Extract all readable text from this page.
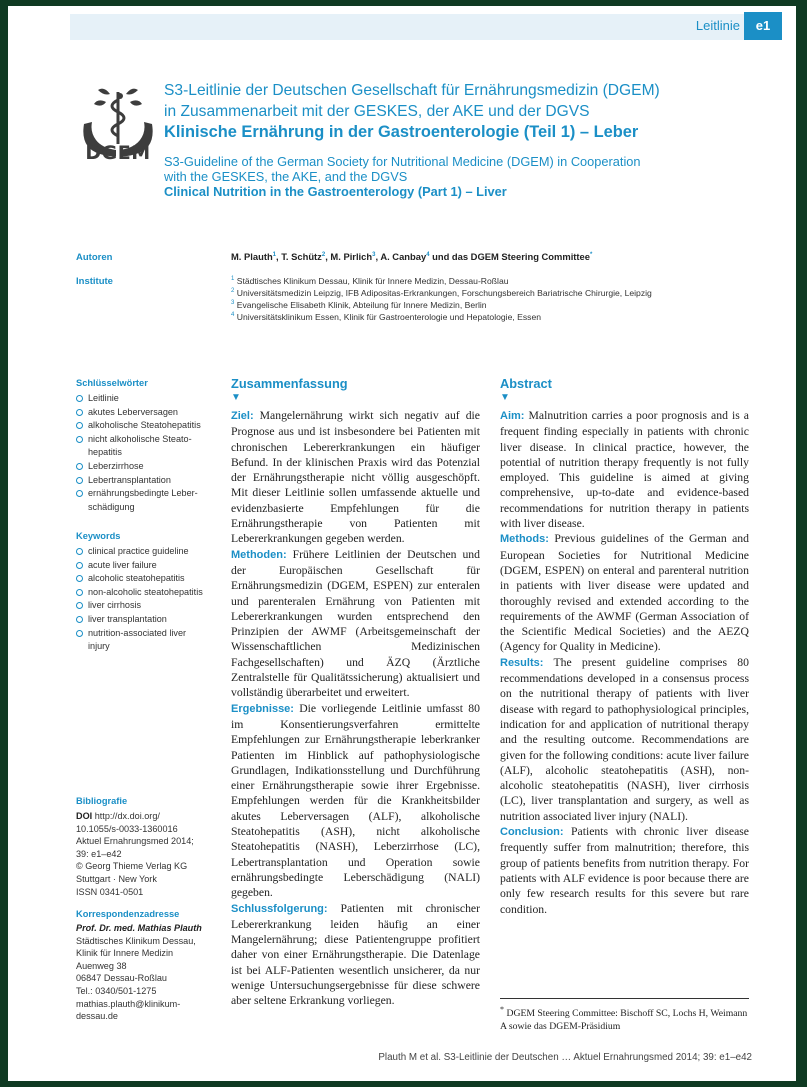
Leitlinie	e1
DGEM
S3-Leitlinie der Deutschen Gesellschaft für Ernährungsmedizin (DGEM)
in Zusammenarbeit mit der GESKES, der AKE und der DGVS
Klinische Ernährung in der Gastroenterologie (Teil 1) – Leber
S3-Guideline of the German Society for Nutritional Medicine (DGEM) in Cooperation
with the GESKES, the AKE, and the DGVS
Clinical Nutrition in the Gastroenterology (Part 1) – Liver
Autoren
Institute
M. Plauth$^1$, T. Schütz$^2$, M. Pirlich$^3$, A. Canbay$^4$ und das DGEM Steering Committee*
$^1$ Städtisches Klinikum Dessau, Klinik für Innere Medizin, Dessau-Roßlau
$^2$ Universitätsmedizin Leipzig, IFB Adipositas-Erkrankungen, Forschungsbereich Bariatrische Chirurgie, Leipzig
$^3$ Evangelische Elisabeth Klinik, Abteilung für Innere Medizin, Berlin
$^4$ Universitätsklinikum Essen, Klinik für Gastroenterologie und Hepatologie, Essen
Schlüsselwörter
Leitlinie
akutes Leberversagen
alkoholische Steatohepatitis
nicht alkoholische Steato-
hepatitis
Leberzirrhose
Lebertransplantation
ernährungsbedingte Leber-
schädigung
Keywords
clinical practice guideline
acute liver failure
alcoholic steatohepatitis
non-alcoholic steatohepatitis
liver cirrhosis
liver transplantation
nutrition-associated liver
injury
Bibliografie
DOI http://dx.doi.org/
10.1055/s-0033-1360016
Aktuel Ernahrungsmed 2014;
39: e1–e42
© Georg Thieme Verlag KG
Stuttgart · New York
ISSN 0341-0501
Korrespondenzadresse
Prof. Dr. med. Mathias Plauth
Städtisches Klinikum Dessau,
Klinik für Innere Medizin
Auenweg 38
06847 Dessau-Roßlau
Tel.: 0340/501-1275
mathias.plauth@klinikum-
dessau.de
Zusammenfassung
▼

Ziel: Mangelernährung wirkt sich negativ auf die Prognose aus und ist insbesondere bei Patienten mit chronischen Lebererkrankungen ein häufiger Befund. In der klinischen Praxis wird das Potenzial der Ernährungstherapie nicht völlig ausgeschöpft. Mit dieser Leitlinie sollen umfassende aktuelle und evidenzbasierte Empfehlungen für die Ernährungstherapie von Patienten mit Lebererkrankungen gegeben werden.

Methoden: Frühere Leitlinien der Deutschen und der Europäischen Gesellschaft für Ernährungsmedizin (DGEM, ESPEN) zur enteralen und parenteralen Ernährung von Patienten mit Lebererkrankungen wurden entsprechend den Prinzipien der AWMF (Arbeitsgemeinschaft der Wissenschaftlichen Medizinischen Fachgesellschaften) und ÄZQ (Ärztliche Zentralstelle für Qualitätssicherung) aktualisiert und vollständig überarbeitet und erweitert.

Ergebnisse: Die vorliegende Leitlinie umfasst 80 im Konsentierungsverfahren ermittelte Empfehlungen zur Ernährungstherapie leberkranker Patienten im Hinblick auf pathophysiologische Grundlagen, Indikationsstellung und Durchführung einer Ernährungstherapie sowie ihrer Ergebnisse. Empfehlungen werden für die Krankheitsbilder akutes Leberversagen (ALF), alkoholische Steatohepatitis (ASH), nicht alkoholische Steatohepatitis (NASH), Leberzirrhose (LC), Lebertransplantation und Operation sowie ernährungsbedingte Leberschädigung (NALI) gegeben.

Schlussfolgerung: Patienten mit chronischer Lebererkrankung leiden häufig an einer Mangelernährung; diese Patientengruppe profitiert daher von einer Ernährungstherapie. Die Datenlage ist bei ALF-Patienten wesentlich unsicherer, da nur wenige Untersuchungsergebnisse für diese schwere aber seltene Erkrankung vorliegen.

Abstract
▼

Aim: Malnutrition carries a poor prognosis and is a frequent finding especially in patients with chronic liver disease. In clinical practice, however, the potential of nutrition therapy frequently is not fully employed. This guideline is aimed at giving comprehensive, up-to-date and evidence-based recommendations for nutrition therapy in patients with liver disease.

Methods: Previous guidelines of the German and European Societies for Nutritional Medicine (DGEM, ESPEN) on enteral and parenteral nutrition in patients with liver disease were updated and thoroughly revised and extended according to the requirements of the AWMF (German Association of the Scientific Medical Societies) and the AEZQ (Agency for Quality in Medicine).

Results: The present guideline comprises 80 recommendations developed in a consensus process on the nutritional therapy of patients with liver disease with regard to pathophysiological principles, indication for and application of nutritional therapy and the resulting outcome. Recommendations are given for the following conditions: acute liver failure (ALF), alcoholic steatohepatitis (ASH), non-alcoholic steatohepatitis (NASH), liver cirrhosis (LC), liver transplantation and surgery, as well as nutrition associated liver injury (NALI).

Conclusion: Patients with chronic liver disease frequently suffer from malnutrition; therefore, this group of patients benefits from nutrition therapy. For patients with ALF evidence is poor because there are only few research results for this severe but rare condition.

* DGEM Steering Committee: Bischoff SC, Lochs H, Weimann A sowie das DGEM-Präsidium
Plauth M et al. S3-Leitlinie der Deutschen … Aktuel Ernahrungsmed 2014; 39: e1–e42
